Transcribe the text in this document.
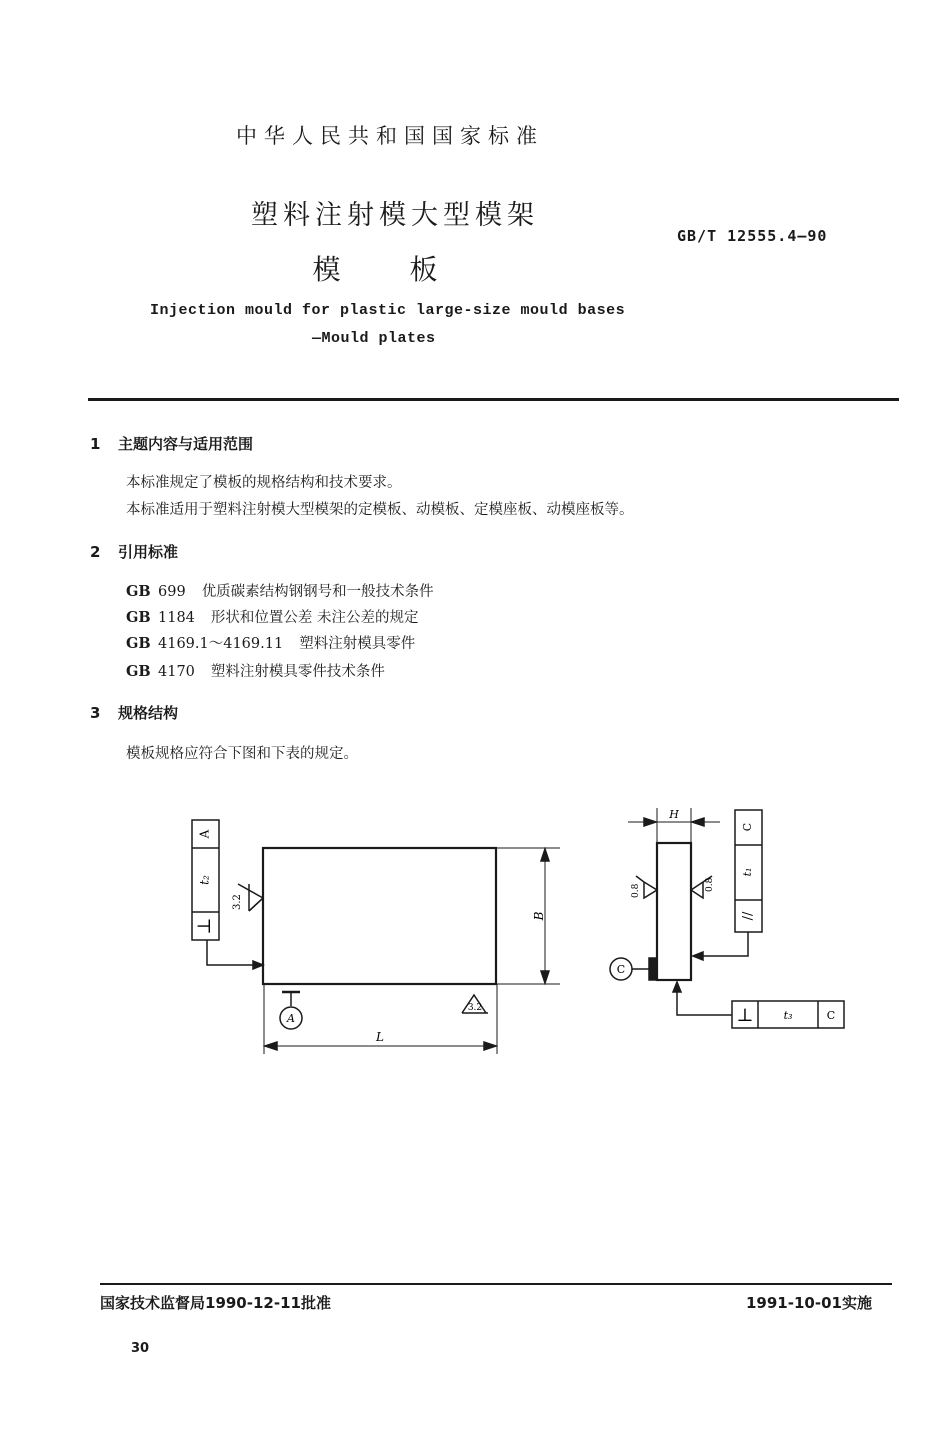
中华人民共和国国家标准
塑料注射模大型模架
模 板
GB/T 12555.4—90
Injection mould for plastic large-size mould bases
—Mould plates
1 主题内容与适用范围
本标准规定了模板的规格结构和技术要求。
本标准适用于塑料注射模大型模架的定模板、动模板、定模座板、动模座板等。
2 引用标准
GB 699 优质碳素结构钢钢号和一般技术条件
GB 1184 形状和位置公差 未注公差的规定
GB 4169.1～4169.11 塑料注射模具零件
GB 4170 塑料注射模具零件技术条件
3 规格结构
模板规格应符合下图和下表的规定。
A
t₂
⊥
3.2
B
L
A
3.2
H
0.8	0.8
C
t₁
//
C
⊥	t₃	C
国家技术监督局1990-12-11批准	1991-10-01实施
30
